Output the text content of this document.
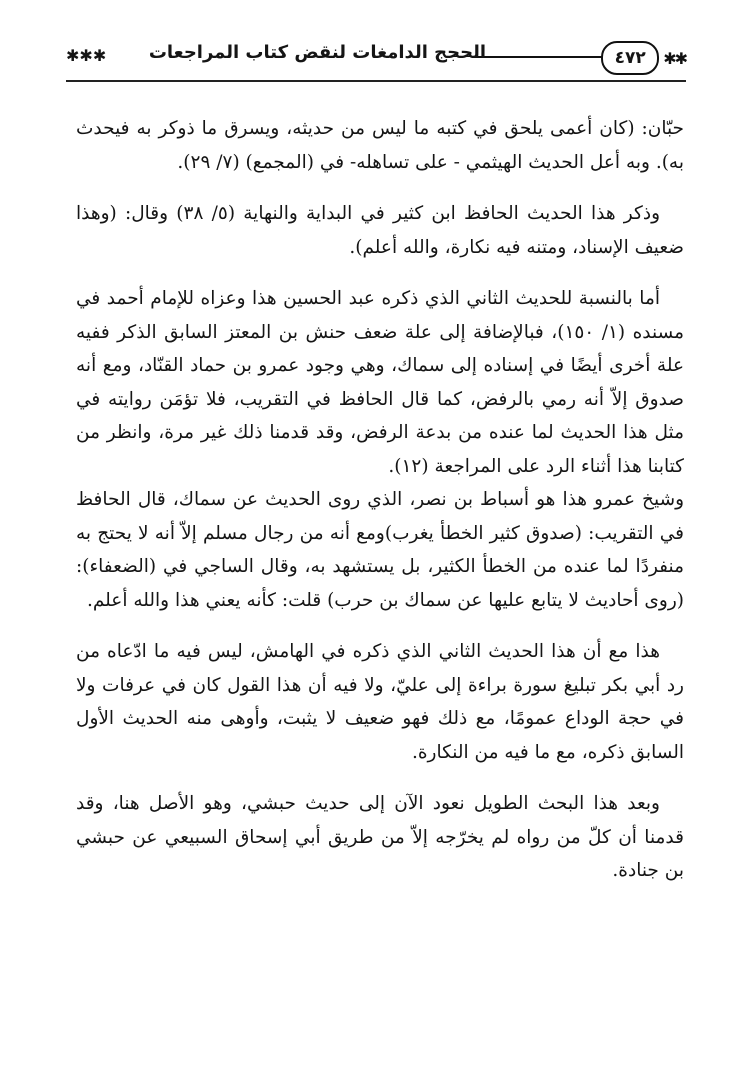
✱✱
٤٧٢
الحجج الدامغات لنقض كتاب المراجعات
✱✱✱

حبّان: (كان أعمى يلحق في كتبه ما ليس من حديثه، ويسرق ما ذوكر به فيحدث به). وبه أعل الحديث الهيثمي - على تساهله- في (المجمع) (٧/ ٢٩).

وذكر هذا الحديث الحافظ ابن كثير في البداية والنهاية (٥/ ٣٨) وقال: (وهذا ضعيف الإسناد، ومتنه فيه نكارة، والله أعلم).

أما بالنسبة للحديث الثاني الذي ذكره عبد الحسين هذا وعزاه للإمام أحمد في مسنده (١/ ١٥٠)، فبالإضافة إلى علة ضعف حنش بن المعتز السابق الذكر ففيه علة أخرى أيضًا في إسناده إلى سماك، وهي وجود عمرو بن حماد القنّاد، ومع أنه صدوق إلاّ أنه رمي بالرفض، كما قال الحافظ في التقريب، فلا تؤمَن روايته في مثل هذا الحديث لما عنده من بدعة الرفض، وقد قدمنا ذلك غير مرة، وانظر من كتابنا هذا أثناء الرد على المراجعة (١٢).

وشيخ عمرو هذا هو أسباط بن نصر، الذي روى الحديث عن سماك، قال الحافظ في التقريب: (صدوق كثير الخطأ يغرب)ومع أنه من رجال مسلم إلاّ أنه لا يحتج به منفردًا لما عنده من الخطأ الكثير، بل يستشهد به، وقال الساجي في (الضعفاء): (روى أحاديث لا يتابع عليها عن سماك بن حرب) قلت: كأنه يعني هذا والله أعلم.

هذا مع أن هذا الحديث الثاني الذي ذكره في الهامش، ليس فيه ما ادّعاه من رد أبي بكر تبليغ سورة براءة إلى عليّ، ولا فيه أن هذا القول كان في عرفات ولا في حجة الوداع عمومًا، مع ذلك فهو ضعيف لا يثبت، وأوهى منه الحديث الأول السابق ذكره، مع ما فيه من النكارة.

وبعد هذا البحث الطويل نعود الآن إلى حديث حبشي، وهو الأصل هنا، وقد قدمنا أن كلّ من رواه لم يخرّجه إلاّ من طريق أبي إسحاق السبيعي عن حبشي بن جنادة.
